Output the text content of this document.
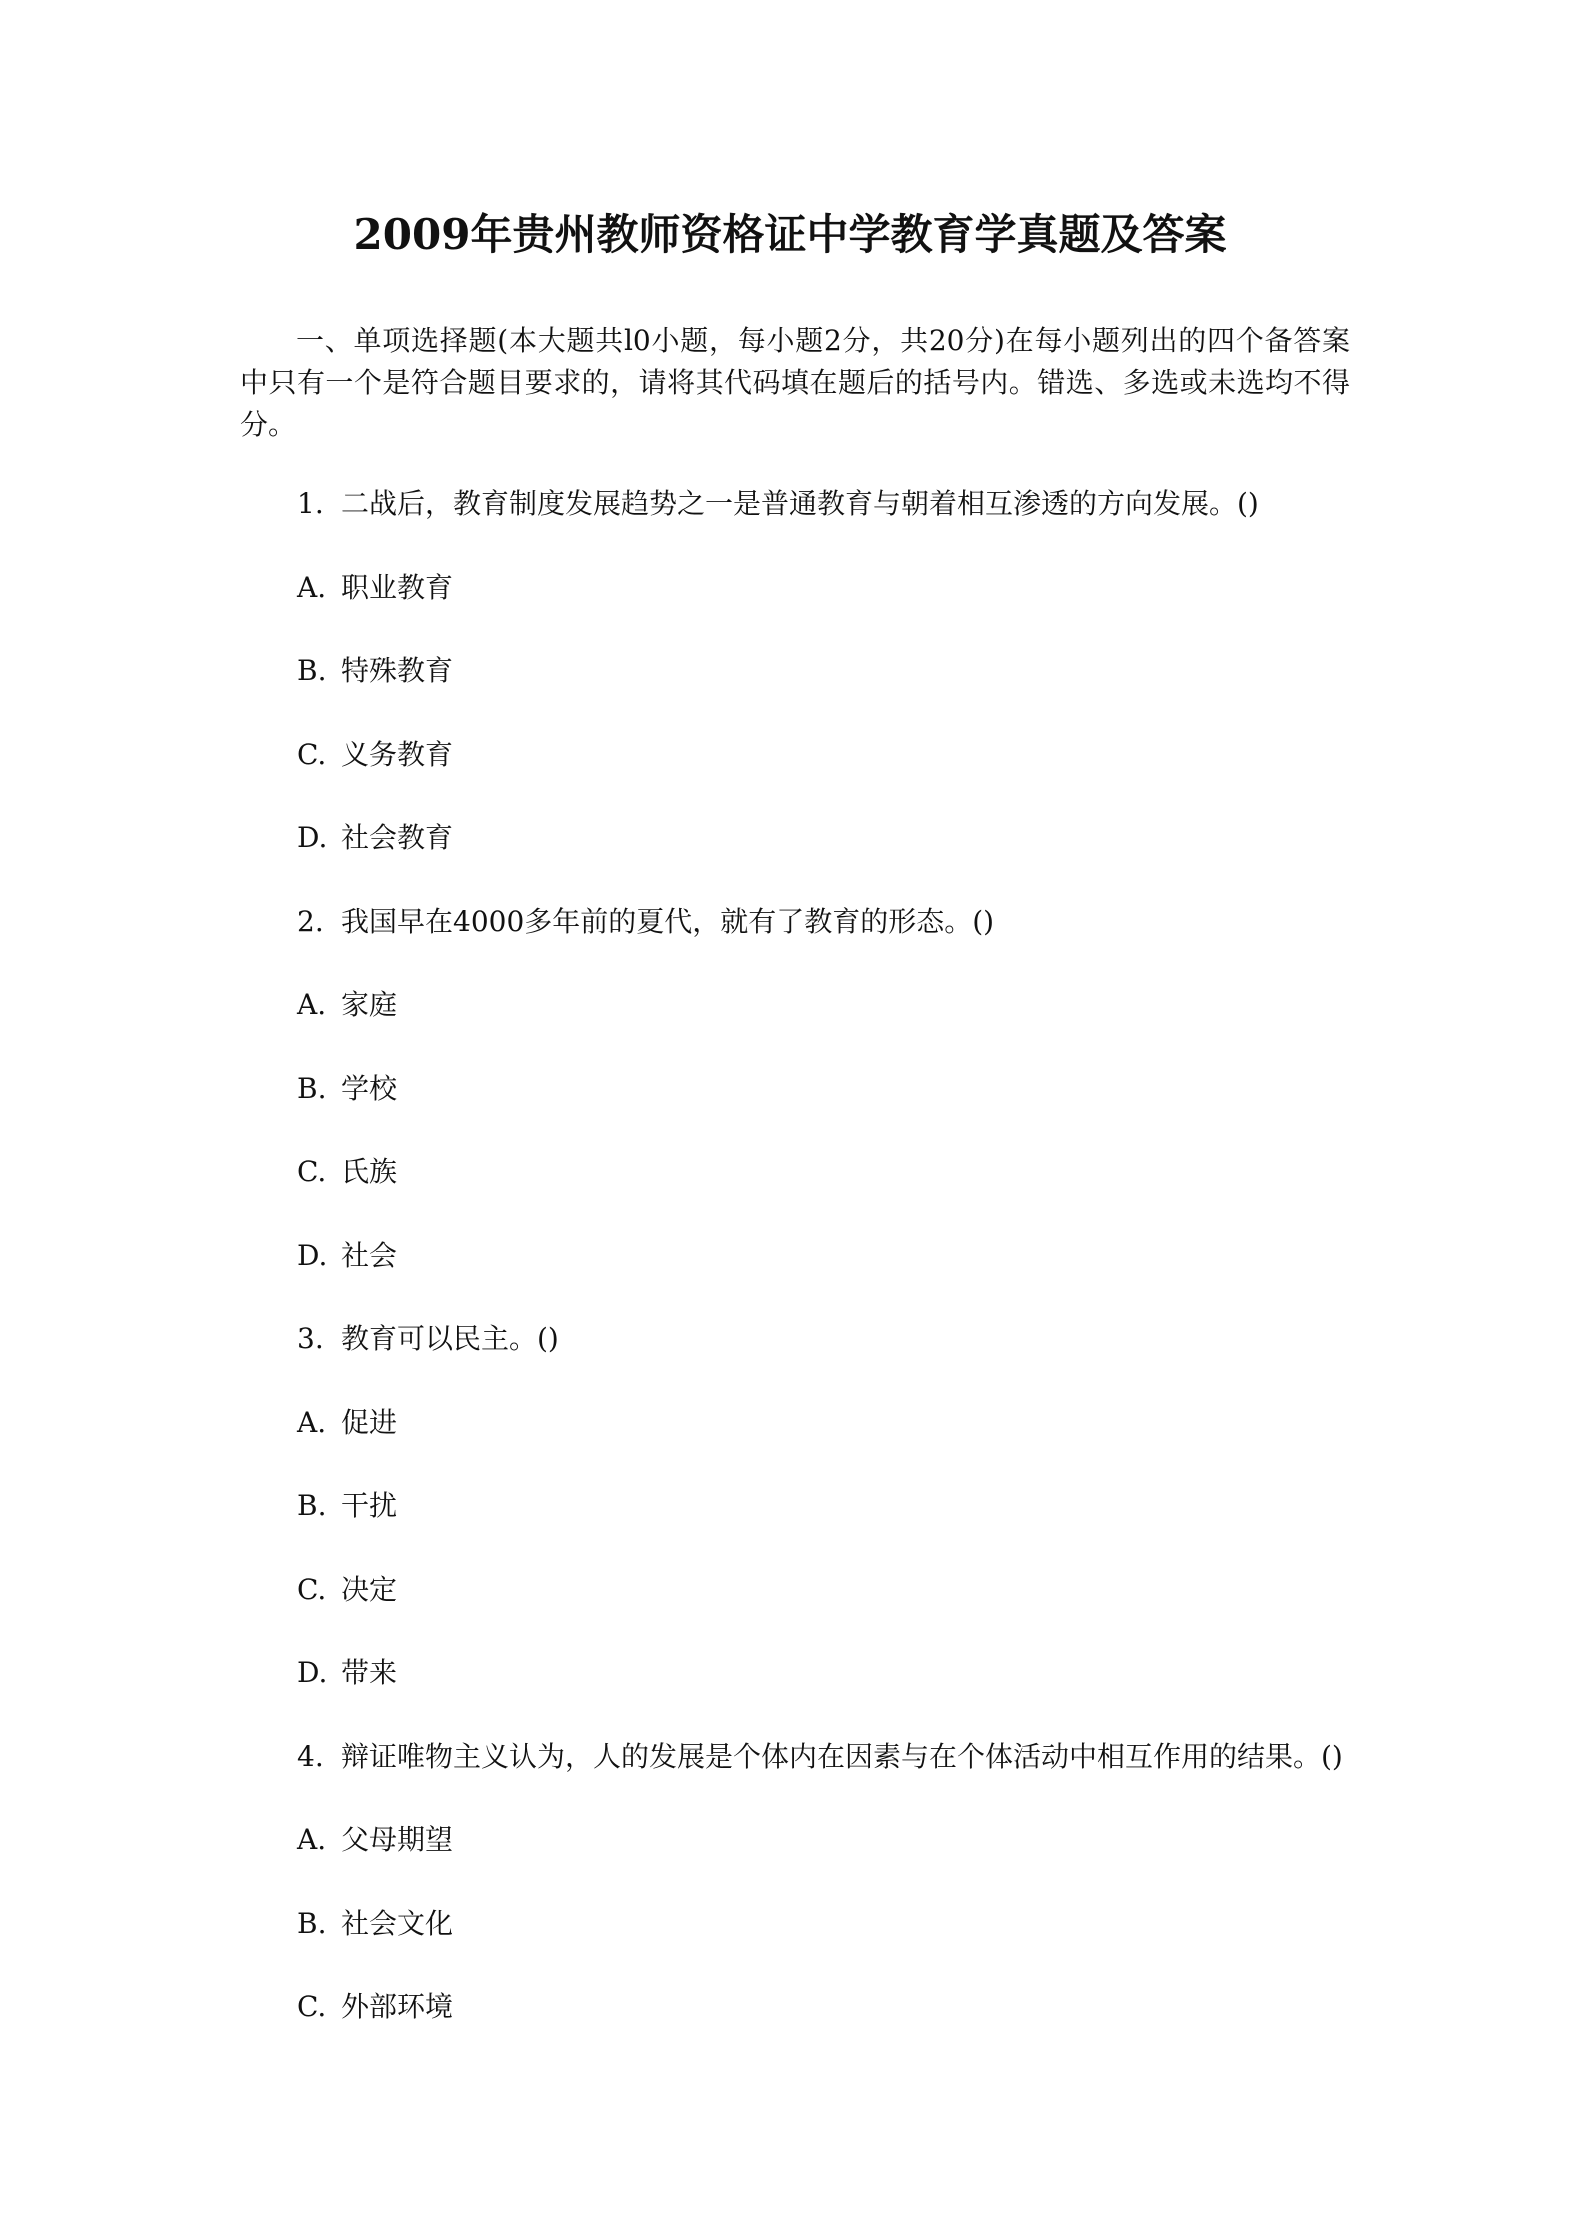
2009年贵州教师资格证中学教育学真题及答案
一、单项选择题(本大题共l0小题，每小题2分，共20分)在每小题列出的四个备答案中只有一个是符合题目要求的，请将其代码填在题后的括号内。错选、多选或未选均不得分。
1. 二战后，教育制度发展趋势之一是普通教育与朝着相互渗透的方向发展。()
A. 职业教育
B. 特殊教育
C. 义务教育
D. 社会教育
2. 我国早在4000多年前的夏代，就有了教育的形态。()
A. 家庭
B. 学校
C. 氏族
D. 社会
3. 教育可以民主。()
A. 促进
B. 干扰
C. 决定
D. 带来
4. 辩证唯物主义认为，人的发展是个体内在因素与在个体活动中相互作用的结果。()
A. 父母期望
B. 社会文化
C. 外部环境
